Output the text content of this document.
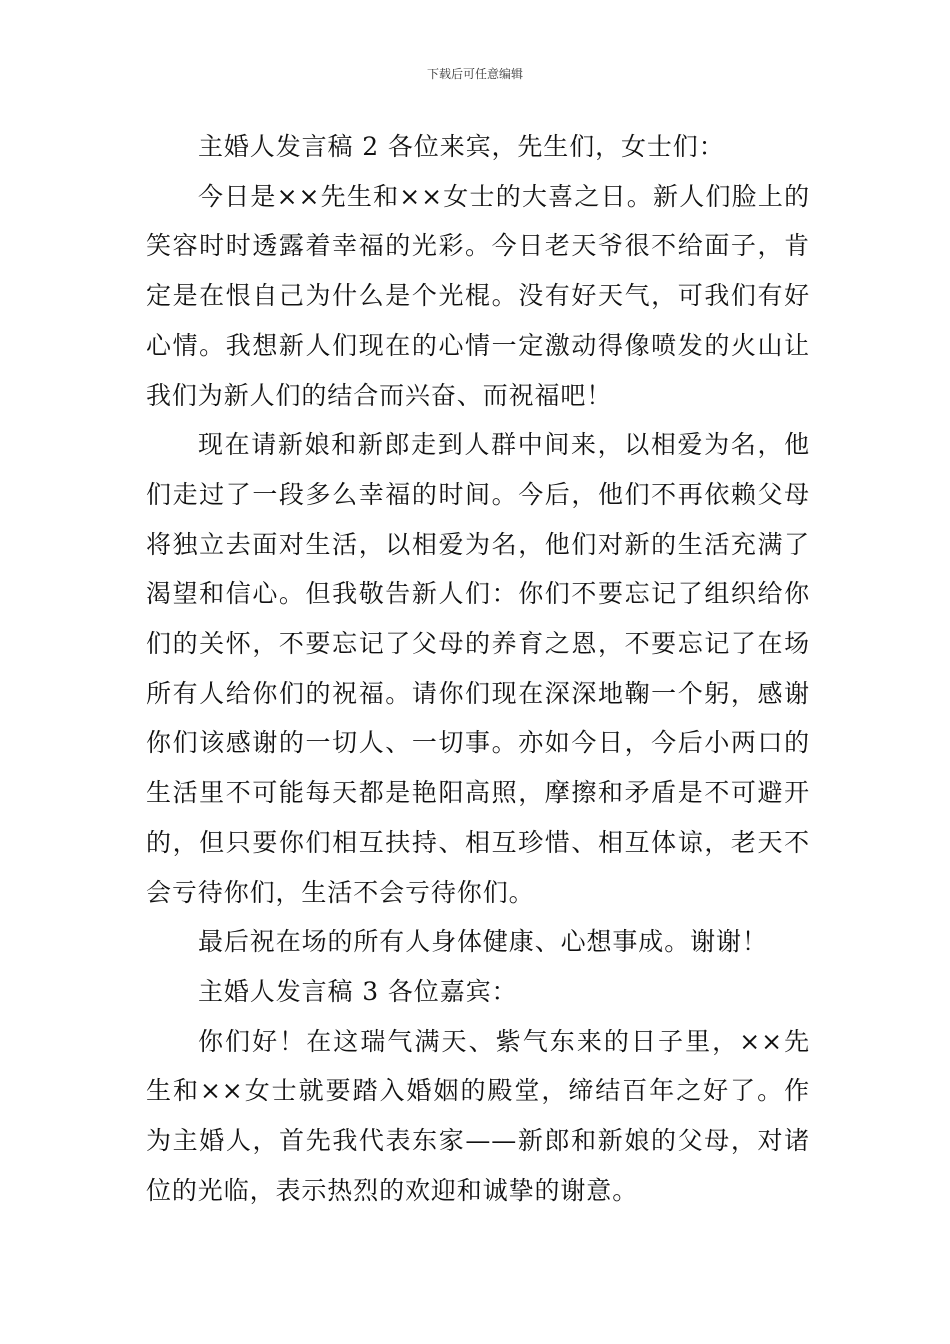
下载后可任意编辑

主婚人发言稿 2 各位来宾，先生们，女士们：

今日是××先生和××女士的大喜之日。新人们脸上的笑容时时透露着幸福的光彩。今日老天爷很不给面子，肯定是在恨自己为什么是个光棍。没有好天气，可我们有好心情。我想新人们现在的心情一定激动得像喷发的火山让我们为新人们的结合而兴奋、而祝福吧！

现在请新娘和新郎走到人群中间来，以相爱为名，他们走过了一段多么幸福的时间。今后，他们不再依赖父母将独立去面对生活，以相爱为名，他们对新的生活充满了渴望和信心。但我敬告新人们：你们不要忘记了组织给你们的关怀，不要忘记了父母的养育之恩，不要忘记了在场所有人给你们的祝福。请你们现在深深地鞠一个躬，感谢你们该感谢的一切人、一切事。亦如今日，今后小两口的生活里不可能每天都是艳阳高照，摩擦和矛盾是不可避开的，但只要你们相互扶持、相互珍惜、相互体谅，老天不会亏待你们，生活不会亏待你们。

最后祝在场的所有人身体健康、心想事成。谢谢！

主婚人发言稿 3 各位嘉宾：

你们好！在这瑞气满天、紫气东来的日子里，××先生和××女士就要踏入婚姻的殿堂，缔结百年之好了。作为主婚人，首先我代表东家——新郎和新娘的父母，对诸位的光临，表示热烈的欢迎和诚挚的谢意。
